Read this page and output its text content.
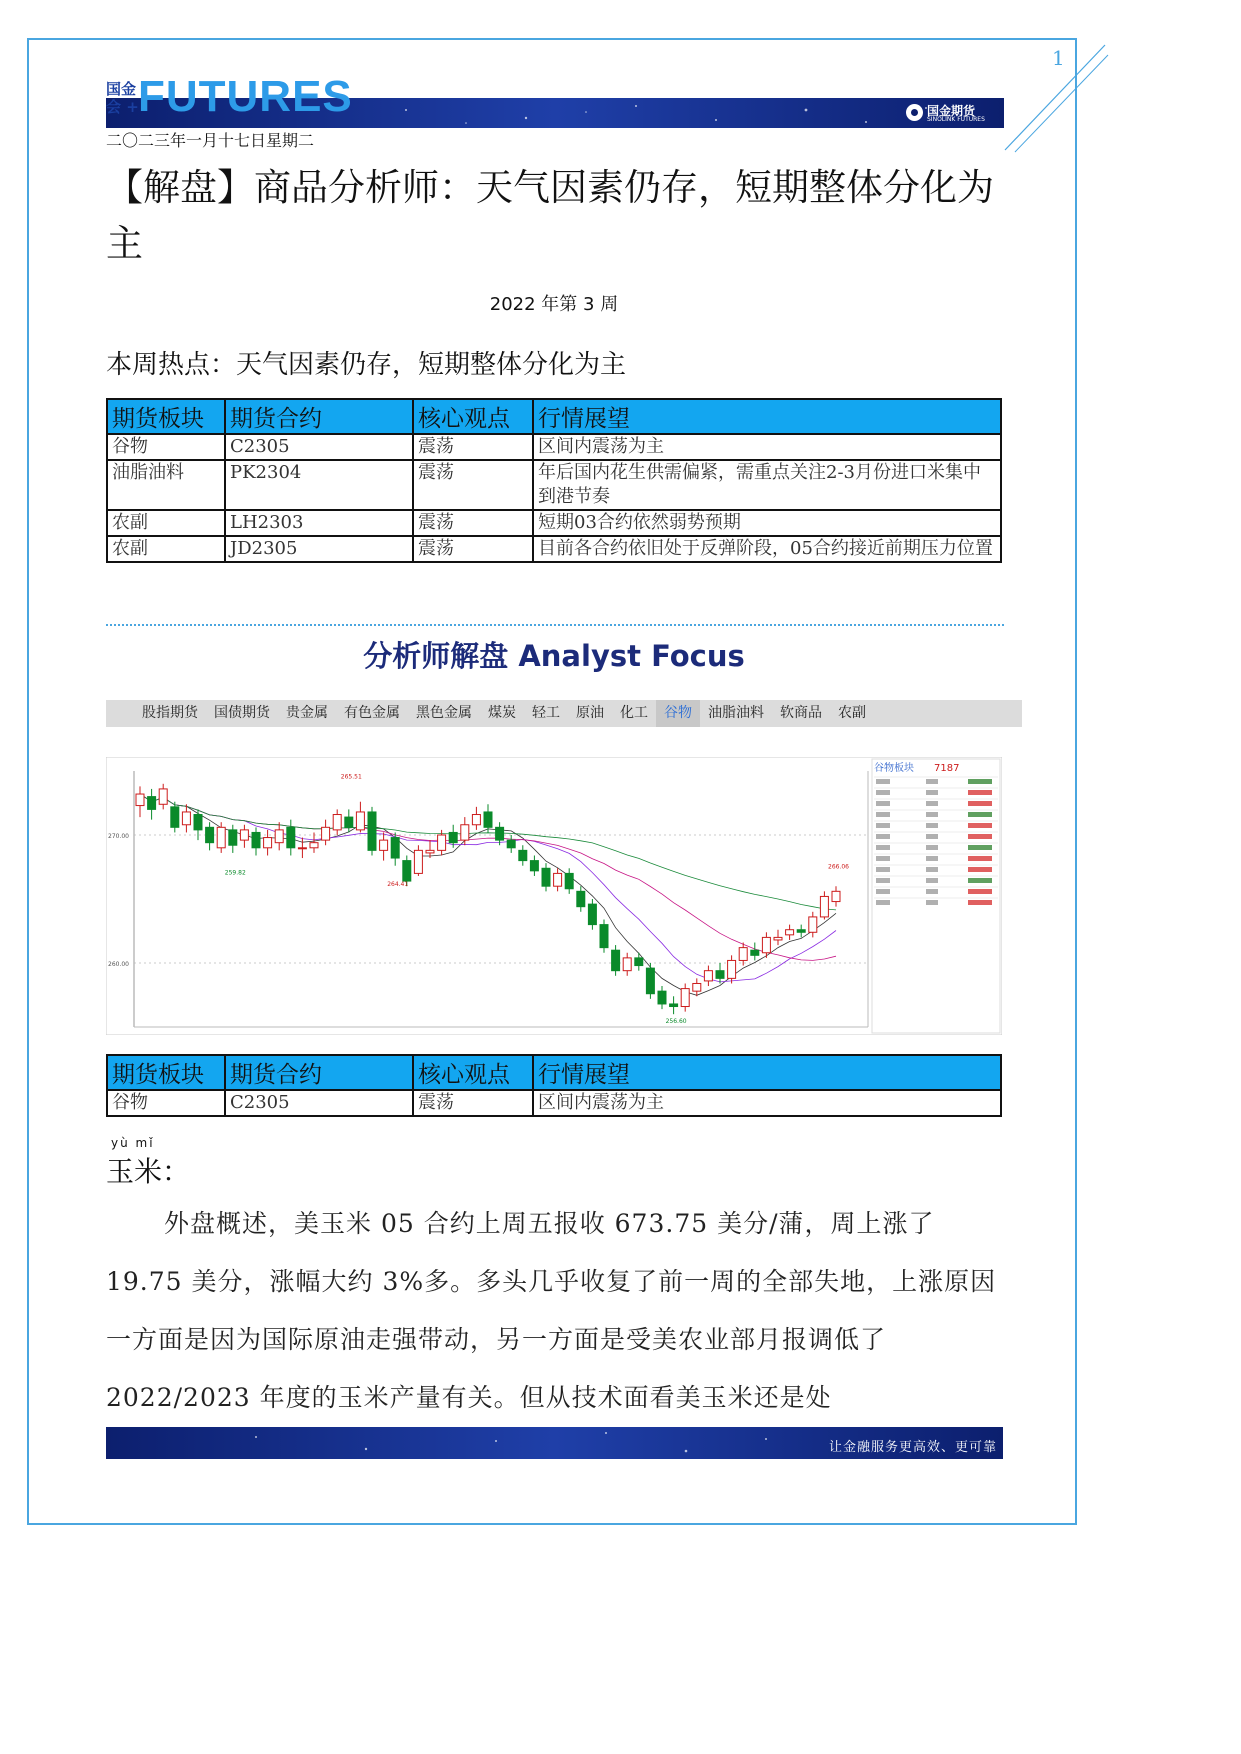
1
国金
会 + FUTURES	国金期货
SINOLINK FUTURES
二〇二三年一月十七日星期二
【解盘】商品分析师：天气因素仍存，短期整体分化为主
2022 年第 3 周
本周热点：天气因素仍存，短期整体分化为主
期货板块	期货合约	核心观点	行情展望
谷物	C2305	震荡	区间内震荡为主
油脂油料	PK2304	震荡	年后国内花生供需偏紧，需重点关注2-3月份进口米集中到港节奏
农副	LH2303	震荡	短期03合约依然弱势预期
农副	JD2305	震荡	目前各合约依旧处于反弹阶段，05合约接近前期压力位置
分析师解盘 Analyst Focus
股指期货	国债期货	贵金属	有色金属	黑色金属	煤炭	轻工	原油	化工	谷物	油脂油料	软商品	农副
270.00
260.00
265.51
259.82
264.41
256.60
266.06
谷物板块 7187
期货板块	期货合约	核心观点	行情展望
谷物	C2305	震荡	区间内震荡为主
yù mǐ
玉米：
外盘概述，美玉米 05 合约上周五报收 673.75 美分/蒲，周上涨了 19.75 美分，涨幅大约 3%多。多头几乎收复了前一周的全部失地，上涨原因一方面是因为国际原油走强带动，另一方面是受美农业部月报调低了 2022/2023 年度的玉米产量有关。但从技术面看美玉米还是处
让金融服务更高效、更可靠
